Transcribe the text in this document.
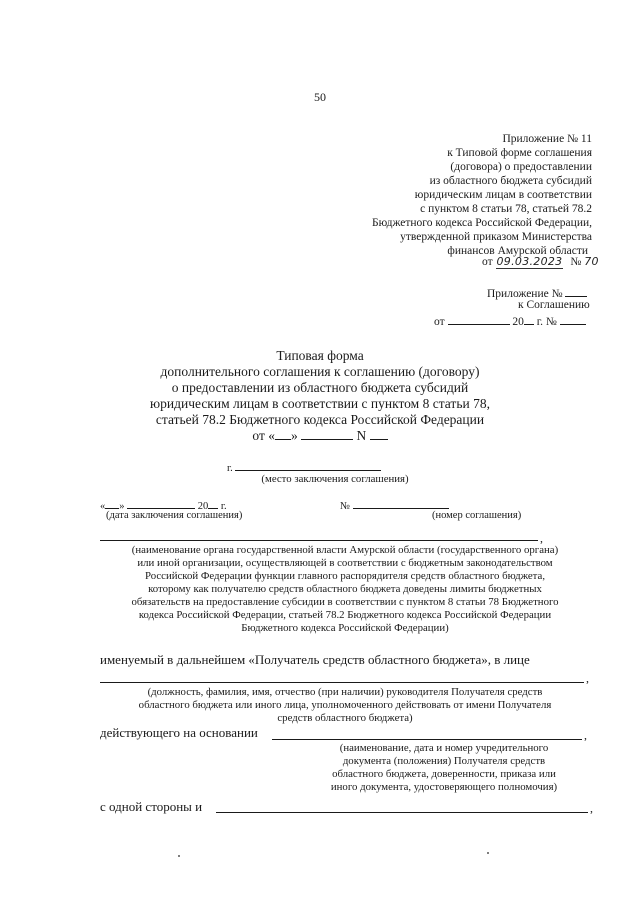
50
Приложение № 11
к Типовой форме соглашения
(договора) о предоставлении
из областного бюджета субсидий
юридическим лицам в соответствии
с пунктом 8 статьи 78, статьей 78.2
Бюджетного кодекса Российской Федерации,
утвержденной приказом Министерства
финансов Амурской области
от 09.03.2023 № 70
Приложение №
к Соглашению
от	20 г. №
Типовая форма
дополнительного соглашения к соглашению (договору)
о предоставлении из областного бюджета субсидий
юридическим лицам в соответствии с пунктом 8 статьи 78,
статьей 78.2 Бюджетного кодекса Российской Федерации
от « »	N
г.
(место заключения соглашения)
« »	20 г.
(дата заключения соглашения)
№
(номер соглашения)
,
(наименование органа государственной власти Амурской области (государственного органа)
или иной организации, осуществляющей в соответствии с бюджетным законодательством
Российской Федерации функции главного распорядителя средств областного бюджета,
которому как получателю средств областного бюджета доведены лимиты бюджетных
обязательств на предоставление субсидии в соответствии с пунктом 8 статьи 78 Бюджетного
кодекса Российской Федерации, статьей 78.2 Бюджетного кодекса Российской Федерации
Бюджетного кодекса Российской Федерации)
именуемый в дальнейшем «Получатель средств областного бюджета», в лице
,
(должность, фамилия, имя, отчество (при наличии) руководителя Получателя средств
областного бюджета или иного лица, уполномоченного действовать от имени Получателя
средств областного бюджета)
действующего на основании	,
(наименование, дата и номер учредительного
документа (положения) Получателя средств
областного бюджета, доверенности, приказа или
иного документа, удостоверяющего полномочия)
с одной стороны и	,
